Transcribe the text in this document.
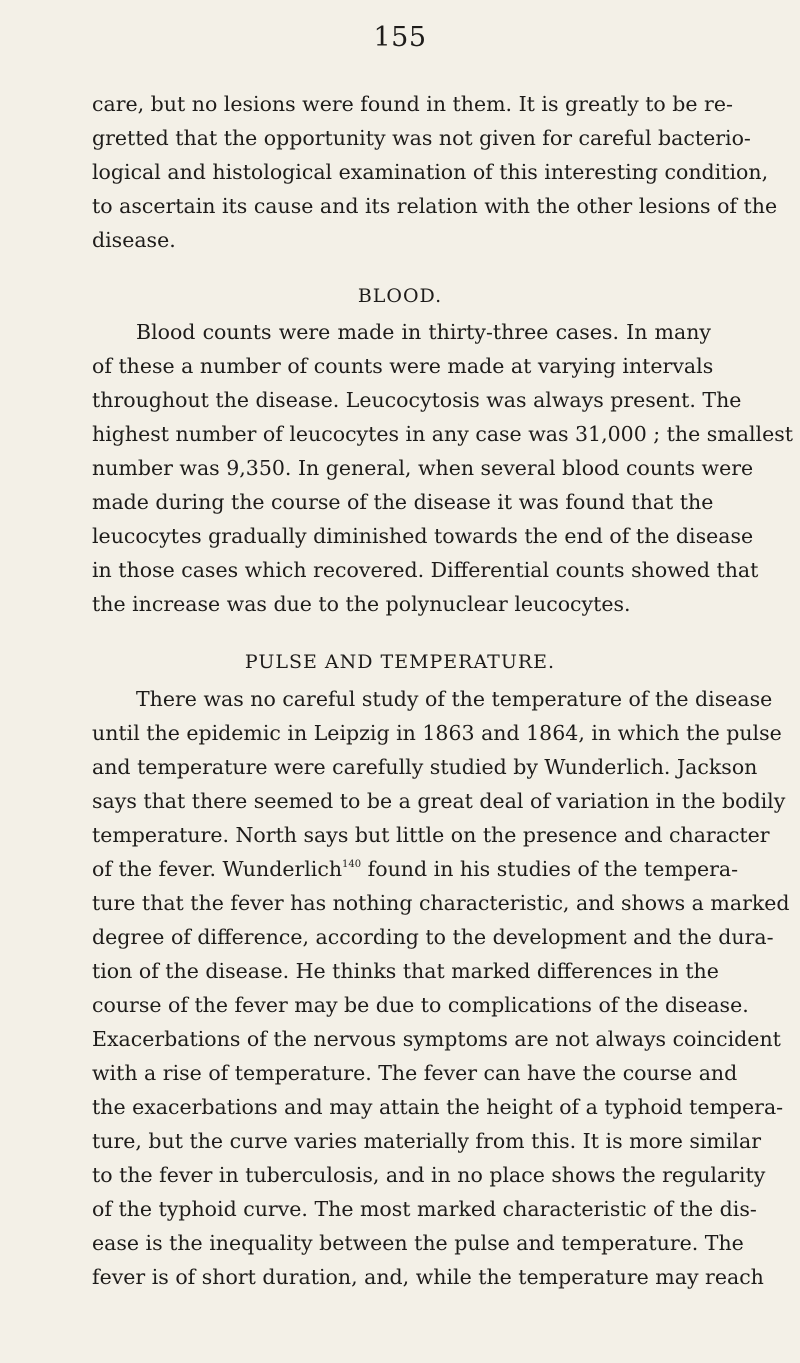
155
care, but no lesions were found in them. It is greatly to be re-
gretted that the opportunity was not given for careful bacterio-
logical and histological examination of this interesting condition,
to ascertain its cause and its relation with the other lesions of the
disease.
BLOOD.
Blood counts were made in thirty-three cases. In many
of these a number of counts were made at varying intervals
throughout the disease. Leucocytosis was always present. The
highest number of leucocytes in any case was 31,000 ; the smallest
number was 9,350. In general, when several blood counts were
made during the course of the disease it was found that the
leucocytes gradually diminished towards the end of the disease
in those cases which recovered. Differential counts showed that
the increase was due to the polynuclear leucocytes.
PULSE AND TEMPERATURE.
There was no careful study of the temperature of the disease
until the epidemic in Leipzig in 1863 and 1864, in which the pulse
and temperature were carefully studied by Wunderlich. Jackson
says that there seemed to be a great deal of variation in the bodily
temperature. North says but little on the presence and character
of the fever. Wunderlich$^{140}$ found in his studies of the tempera-
ture that the fever has nothing characteristic, and shows a marked
degree of difference, according to the development and the dura-
tion of the disease. He thinks that marked differences in the
course of the fever may be due to complications of the disease.
Exacerbations of the nervous symptoms are not always coincident
with a rise of temperature. The fever can have the course and
the exacerbations and may attain the height of a typhoid tempera-
ture, but the curve varies materially from this. It is more similar
to the fever in tuberculosis, and in no place shows the regularity
of the typhoid curve. The most marked characteristic of the dis-
ease is the inequality between the pulse and temperature. The
fever is of short duration, and, while the temperature may reach
